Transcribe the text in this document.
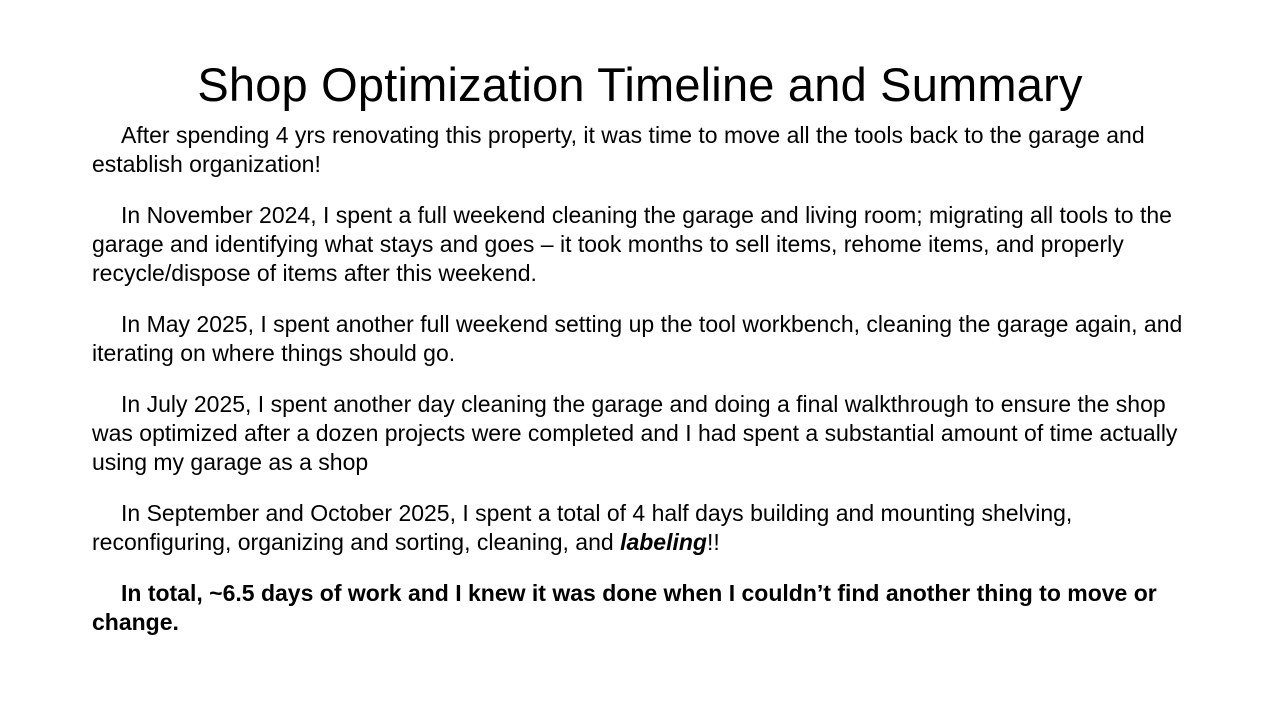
Shop Optimization Timeline and Summary

After spending 4 yrs renovating this property, it was time to move all the tools back to the garage and establish organization!

In November 2024, I spent a full weekend cleaning the garage and living room; migrating all tools to the garage and identifying what stays and goes – it took months to sell items, rehome items, and properly recycle/dispose of items after this weekend.

In May 2025, I spent another full weekend setting up the tool workbench, cleaning the garage again, and iterating on where things should go.

In July 2025, I spent another day cleaning the garage and doing a final walkthrough to ensure the shop was optimized after a dozen projects were completed and I had spent a substantial amount of time actually using my garage as a shop

In September and October 2025, I spent a total of 4 half days building and mounting shelving, reconfiguring, organizing and sorting, cleaning, and labeling!!

In total, ~6.5 days of work and I knew it was done when I couldn’t find another thing to move or change.
